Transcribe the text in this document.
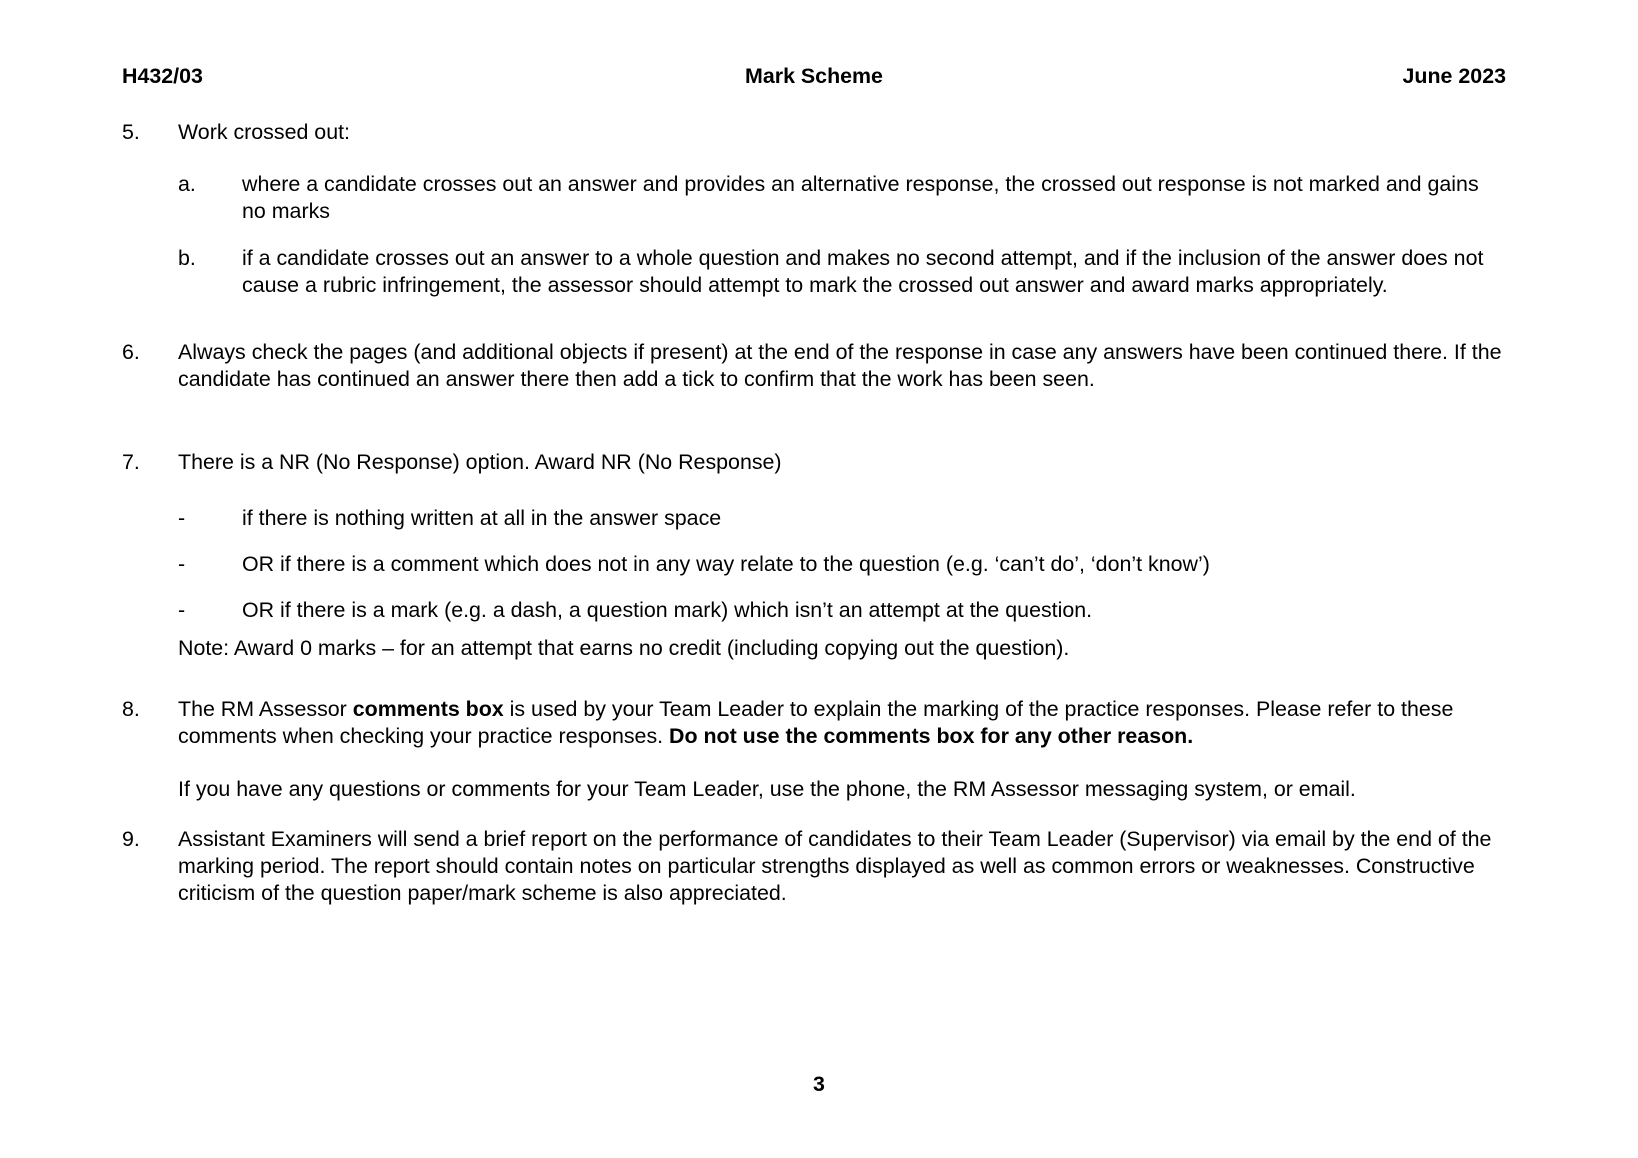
H432/03	Mark Scheme	June 2023
5.	Work crossed out:
a.	where a candidate crosses out an answer and provides an alternative response, the crossed out response is not marked and gains no marks
b.	if a candidate crosses out an answer to a whole question and makes no second attempt, and if the inclusion of the answer does not cause a rubric infringement, the assessor should attempt to mark the crossed out answer and award marks appropriately.
6.	Always check the pages (and additional objects if present) at the end of the response in case any answers have been continued there. If the candidate has continued an answer there then add a tick to confirm that the work has been seen.
7.	There is a NR (No Response) option. Award NR (No Response)
-	if there is nothing written at all in the answer space
-	OR if there is a comment which does not in any way relate to the question (e.g. ‘can’t do’, ‘don’t know’)
-	OR if there is a mark (e.g. a dash, a question mark) which isn’t an attempt at the question.
Note: Award 0 marks – for an attempt that earns no credit (including copying out the question).
8.	The RM Assessor comments box is used by your Team Leader to explain the marking of the practice responses. Please refer to these comments when checking your practice responses. Do not use the comments box for any other reason.
If you have any questions or comments for your Team Leader, use the phone, the RM Assessor messaging system, or email.
9.	Assistant Examiners will send a brief report on the performance of candidates to their Team Leader (Supervisor) via email by the end of the marking period. The report should contain notes on particular strengths displayed as well as common errors or weaknesses. Constructive criticism of the question paper/mark scheme is also appreciated.
3
